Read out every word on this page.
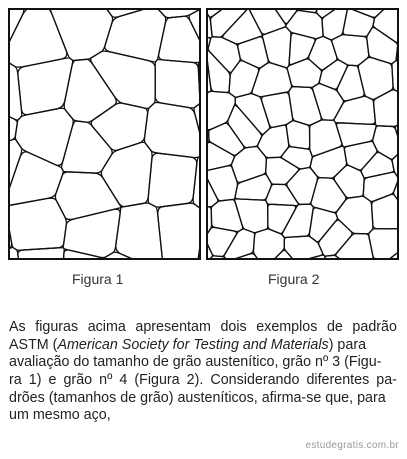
Figura 1	Figura 2
As figuras acima apresentam dois exemplos de padrão
ASTM (American Society for Testing and Materials) para
avaliação do tamanho de grão austenítico, grão nº 3 (Figu-
ra 1) e grão nº 4 (Figura 2). Considerando diferentes pa-
drões (tamanhos de grão) austeníticos, afirma-se que, para
um mesmo aço,
estudegratis.com.br
